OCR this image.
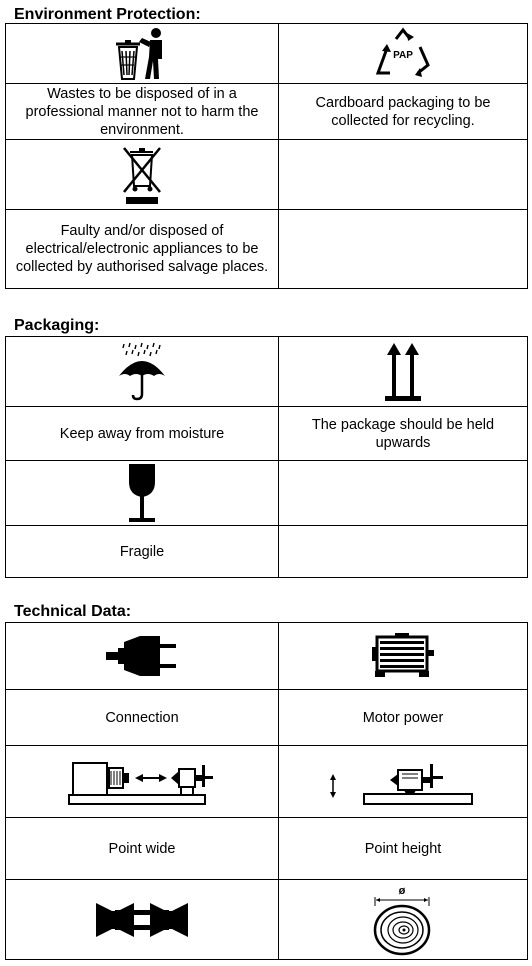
Environment Protection:

PAP

Wastes to be disposed of in a professional manner not to harm the environment.	Cardboard packaging to be collected for recycling.

Faulty and/or disposed of electrical/electronic appliances to be collected by authorised salvage places.	
Packaging:

Keep away from moisture	The package should be held upwards

Fragile	
Technical Data:

Connection	Motor power

Point wide	Point height

ø
